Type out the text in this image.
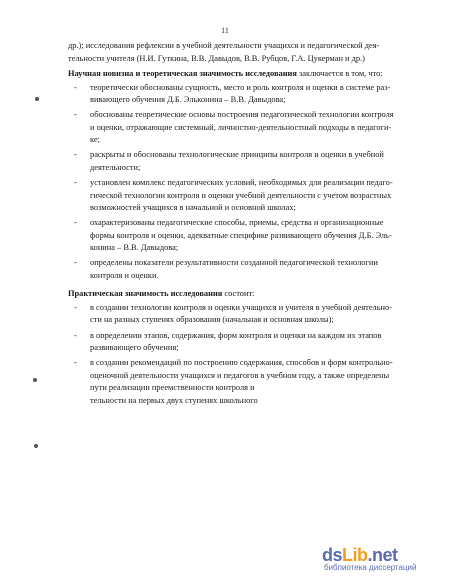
11
др.); исследования рефлексии в учебной деятельности учащихся и педагогической дея-
тельности учителя (Н.И. Гуткина, В.В. Давыдов, В.В. Рубцов, Г.А. Цукерман и др.)
Научная новизна и теоретическая значимость исследования заключается в том, что:
- теоретически обоснованы сущность, место и роль контроля и оценки в системе раз-
вивающего обучения Д.Б. Эльконина – В.В. Давыдова;
- обоснованы теоретические основы построения педагогической технологии контроля
и оценки, отражающие системный, личностно-деятельностный подходы в педагоги-
ке;
- раскрыты и обоснованы технологические принципы контроля и оценки в учебной
деятельности;
- установлен комплекс педагогических условий, необходимых для реализации педаго-
гической технологии контроля и оценки учебной деятельности с учетом возрастных
возможностей учащихся в начальной и основной школах;
- охарактеризованы педагогические способы, приемы, средства и организационные
формы контроля и оценки, адекватные специфике развивающего обучения Д.Б. Эль-
конина – В.В. Давыдова;
- определены показатели результативности созданной педагогической технологии
контроля и оценки.
Практическая значимость исследования состоит:
- в создании технологии контроля и оценки учащихся и учителя в учебной деятельно-
сти на разных ступенях образования (начальная и основная школы);
- в определении этапов, содержания, форм контроля и оценки на каждом их этапов
развивающего обучения;
- в создании рекомендаций по построению содержания, способов и форм контрольно-
оценочной деятельности учащихся и педагогов в учебном году, а также определены
пути реализации преемственности контроля и
тельности на первых двух ступенях школьного
dsLib.net
библиотека диссертаций
